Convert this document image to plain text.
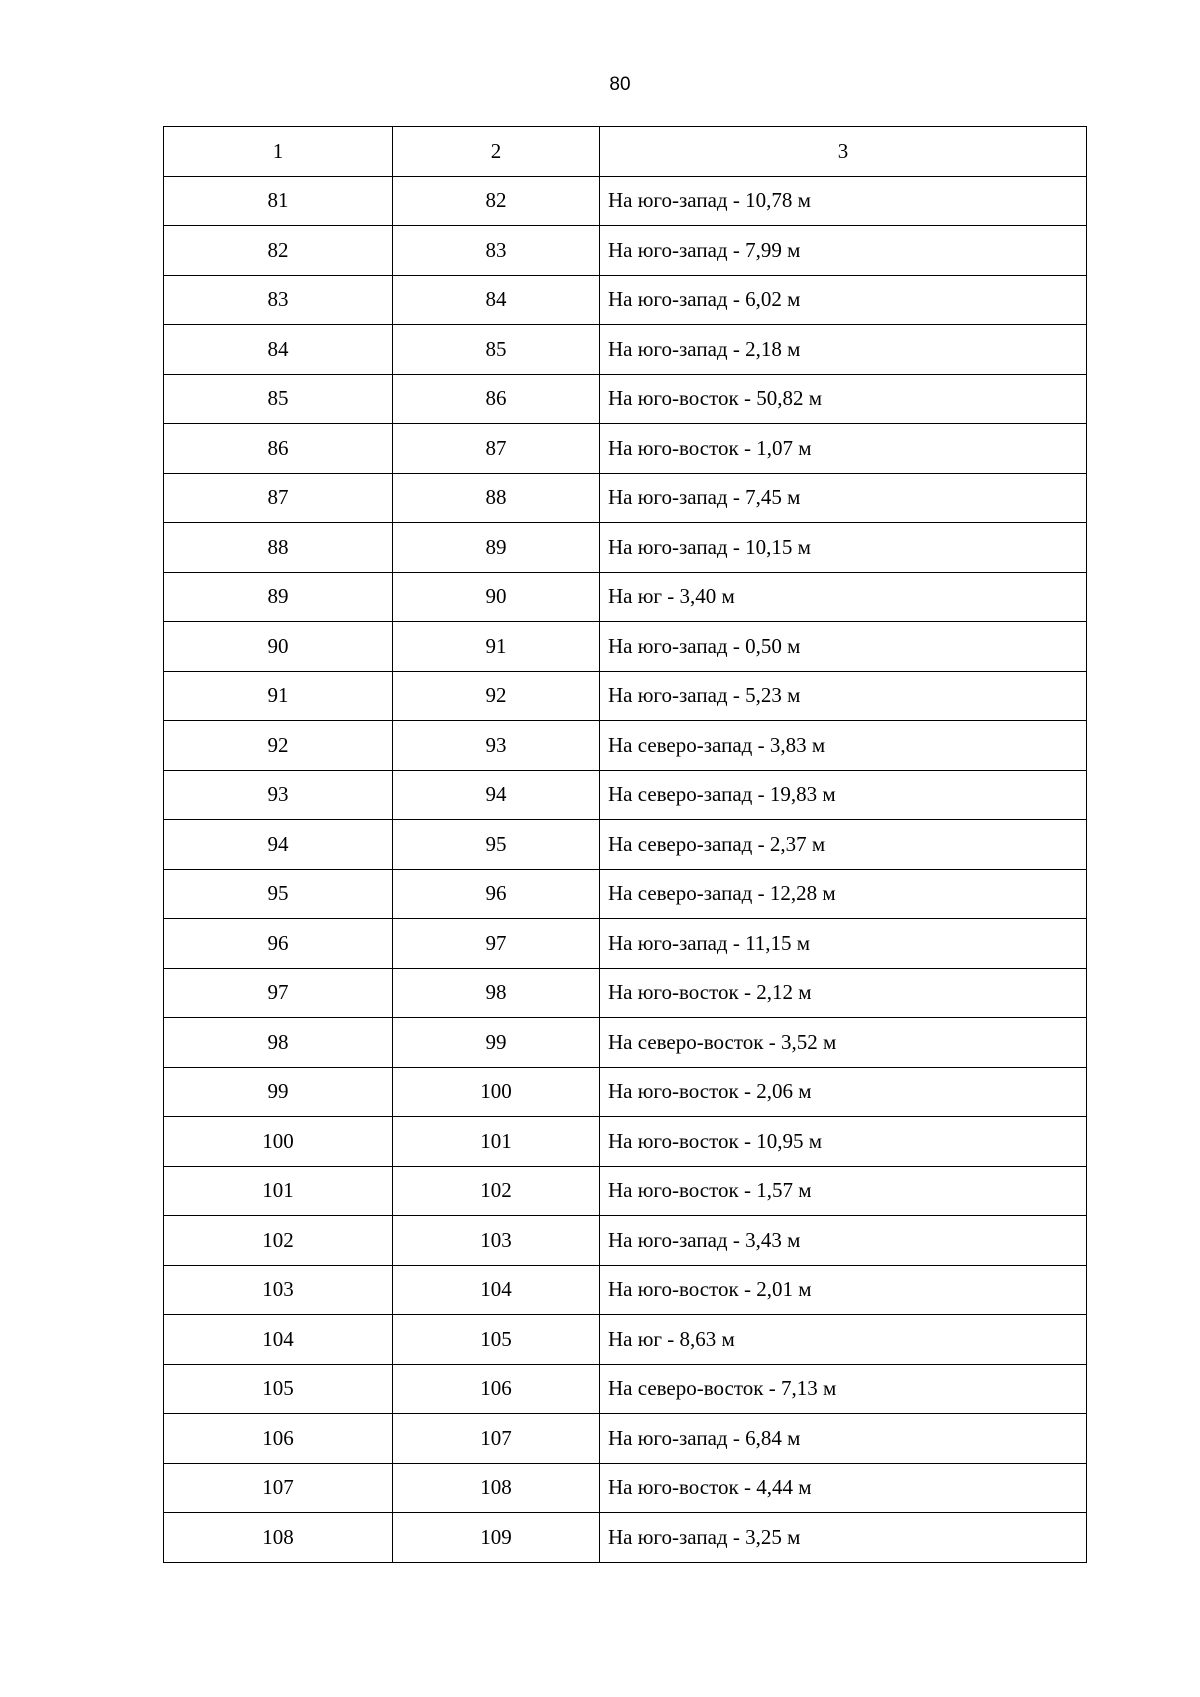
80
1	2	3
81	82	На юго-запад - 10,78 м
82	83	На юго-запад - 7,99 м
83	84	На юго-запад - 6,02 м
84	85	На юго-запад - 2,18 м
85	86	На юго-восток - 50,82 м
86	87	На юго-восток - 1,07 м
87	88	На юго-запад - 7,45 м
88	89	На юго-запад - 10,15 м
89	90	На юг - 3,40 м
90	91	На юго-запад - 0,50 м
91	92	На юго-запад - 5,23 м
92	93	На северо-запад - 3,83 м
93	94	На северо-запад - 19,83 м
94	95	На северо-запад - 2,37 м
95	96	На северо-запад - 12,28 м
96	97	На юго-запад - 11,15 м
97	98	На юго-восток - 2,12 м
98	99	На северо-восток - 3,52 м
99	100	На юго-восток - 2,06 м
100	101	На юго-восток - 10,95 м
101	102	На юго-восток - 1,57 м
102	103	На юго-запад - 3,43 м
103	104	На юго-восток - 2,01 м
104	105	На юг - 8,63 м
105	106	На северо-восток - 7,13 м
106	107	На юго-запад - 6,84 м
107	108	На юго-восток - 4,44 м
108	109	На юго-запад - 3,25 м
